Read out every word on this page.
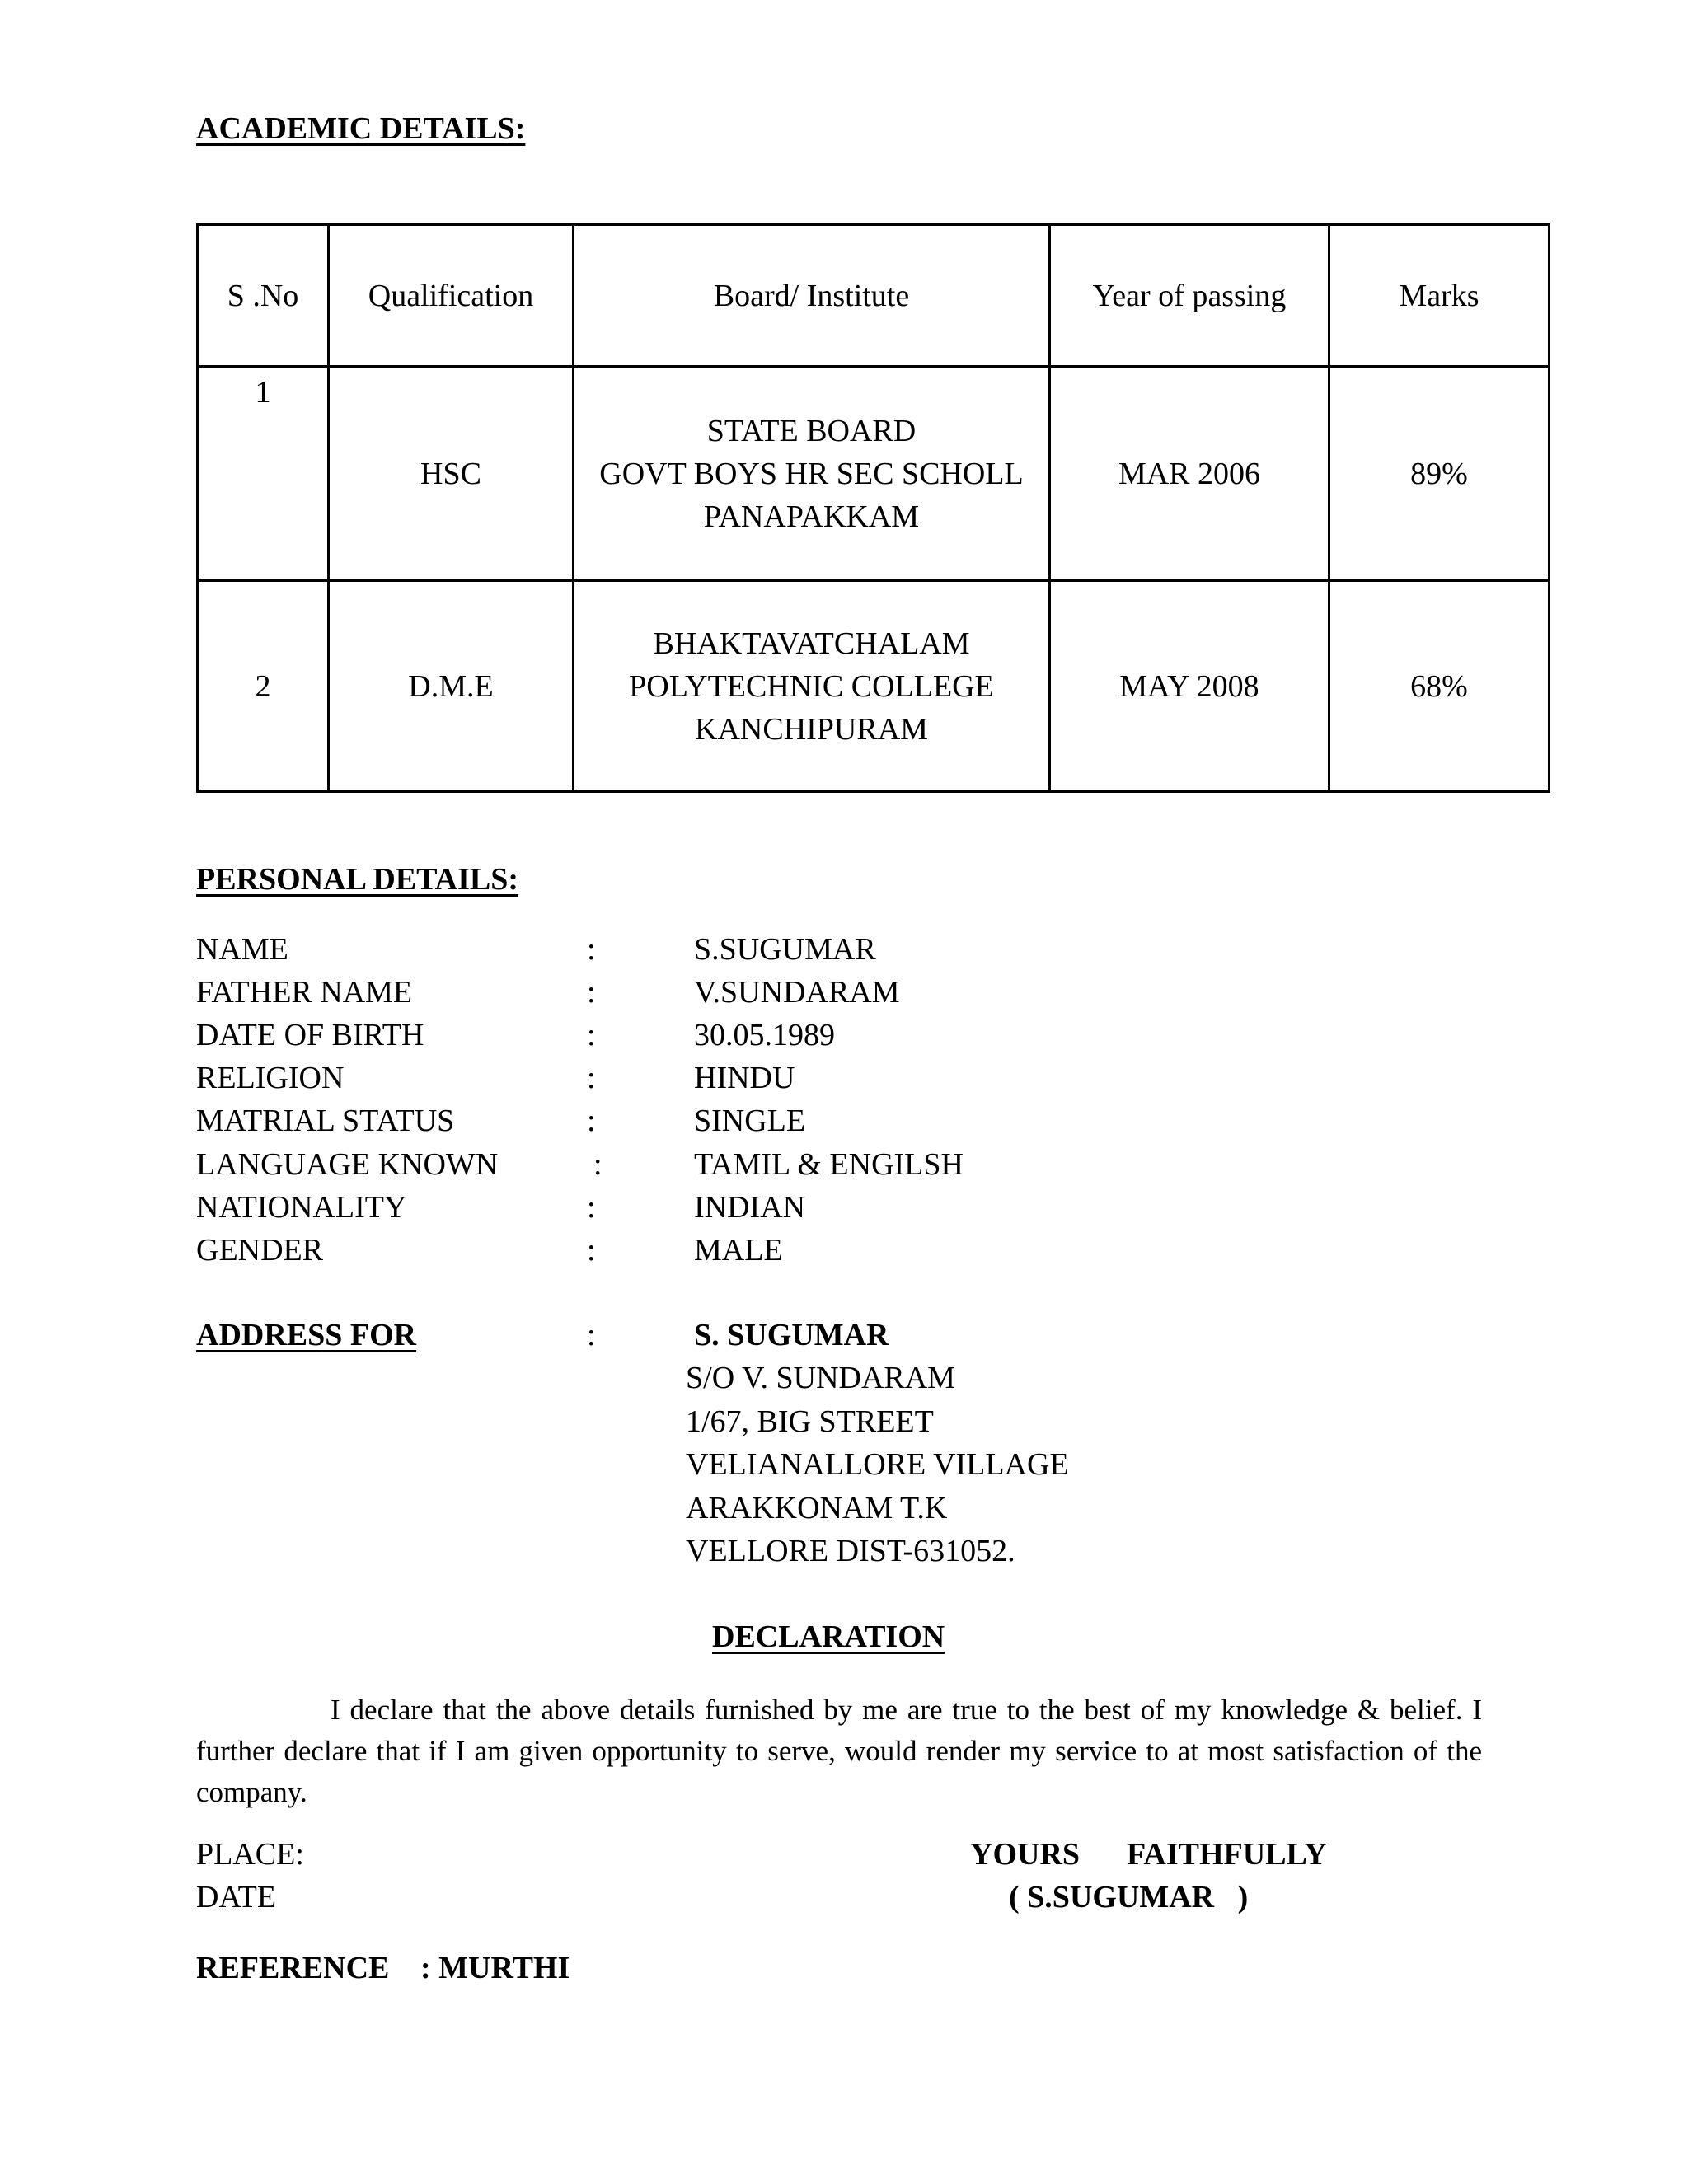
ACADEMIC DETAILS:
S .No	Qualification	Board/ Institute	Year of passing	Marks
1	HSC	STATE BOARD
GOVT BOYS HR SEC SCHOLL
PANAPAKKAM	MAR 2006	89%
2	D.M.E	BHAKTAVATCHALAM
POLYTECHNIC COLLEGE
KANCHIPURAM	MAY 2008	68%
PERSONAL DETAILS:
NAME	:	S.SUGUMAR
FATHER NAME	:	V.SUNDARAM
DATE OF BIRTH	:	30.05.1989
RELIGION	:	HINDU
MATRIAL STATUS	:	SINGLE
LANGUAGE KNOWN	:	TAMIL & ENGILSH
NATIONALITY	:	INDIAN
GENDER	:	MALE
ADDRESS FOR	:	S. SUGUMAR
S/O V. SUNDARAM
1/67, BIG STREET
VELIANALLORE VILLAGE
ARAKKONAM T.K
VELLORE DIST-631052.
DECLARATION
I declare that the above details furnished by me are true to the best of my knowledge & belief. I further declare that if I am given opportunity to serve, would render my service to at most satisfaction of the company.
PLACE:
DATE
YOURS      FAITHFULLY
( S.SUGUMAR   )
REFERENCE : MURTHI
